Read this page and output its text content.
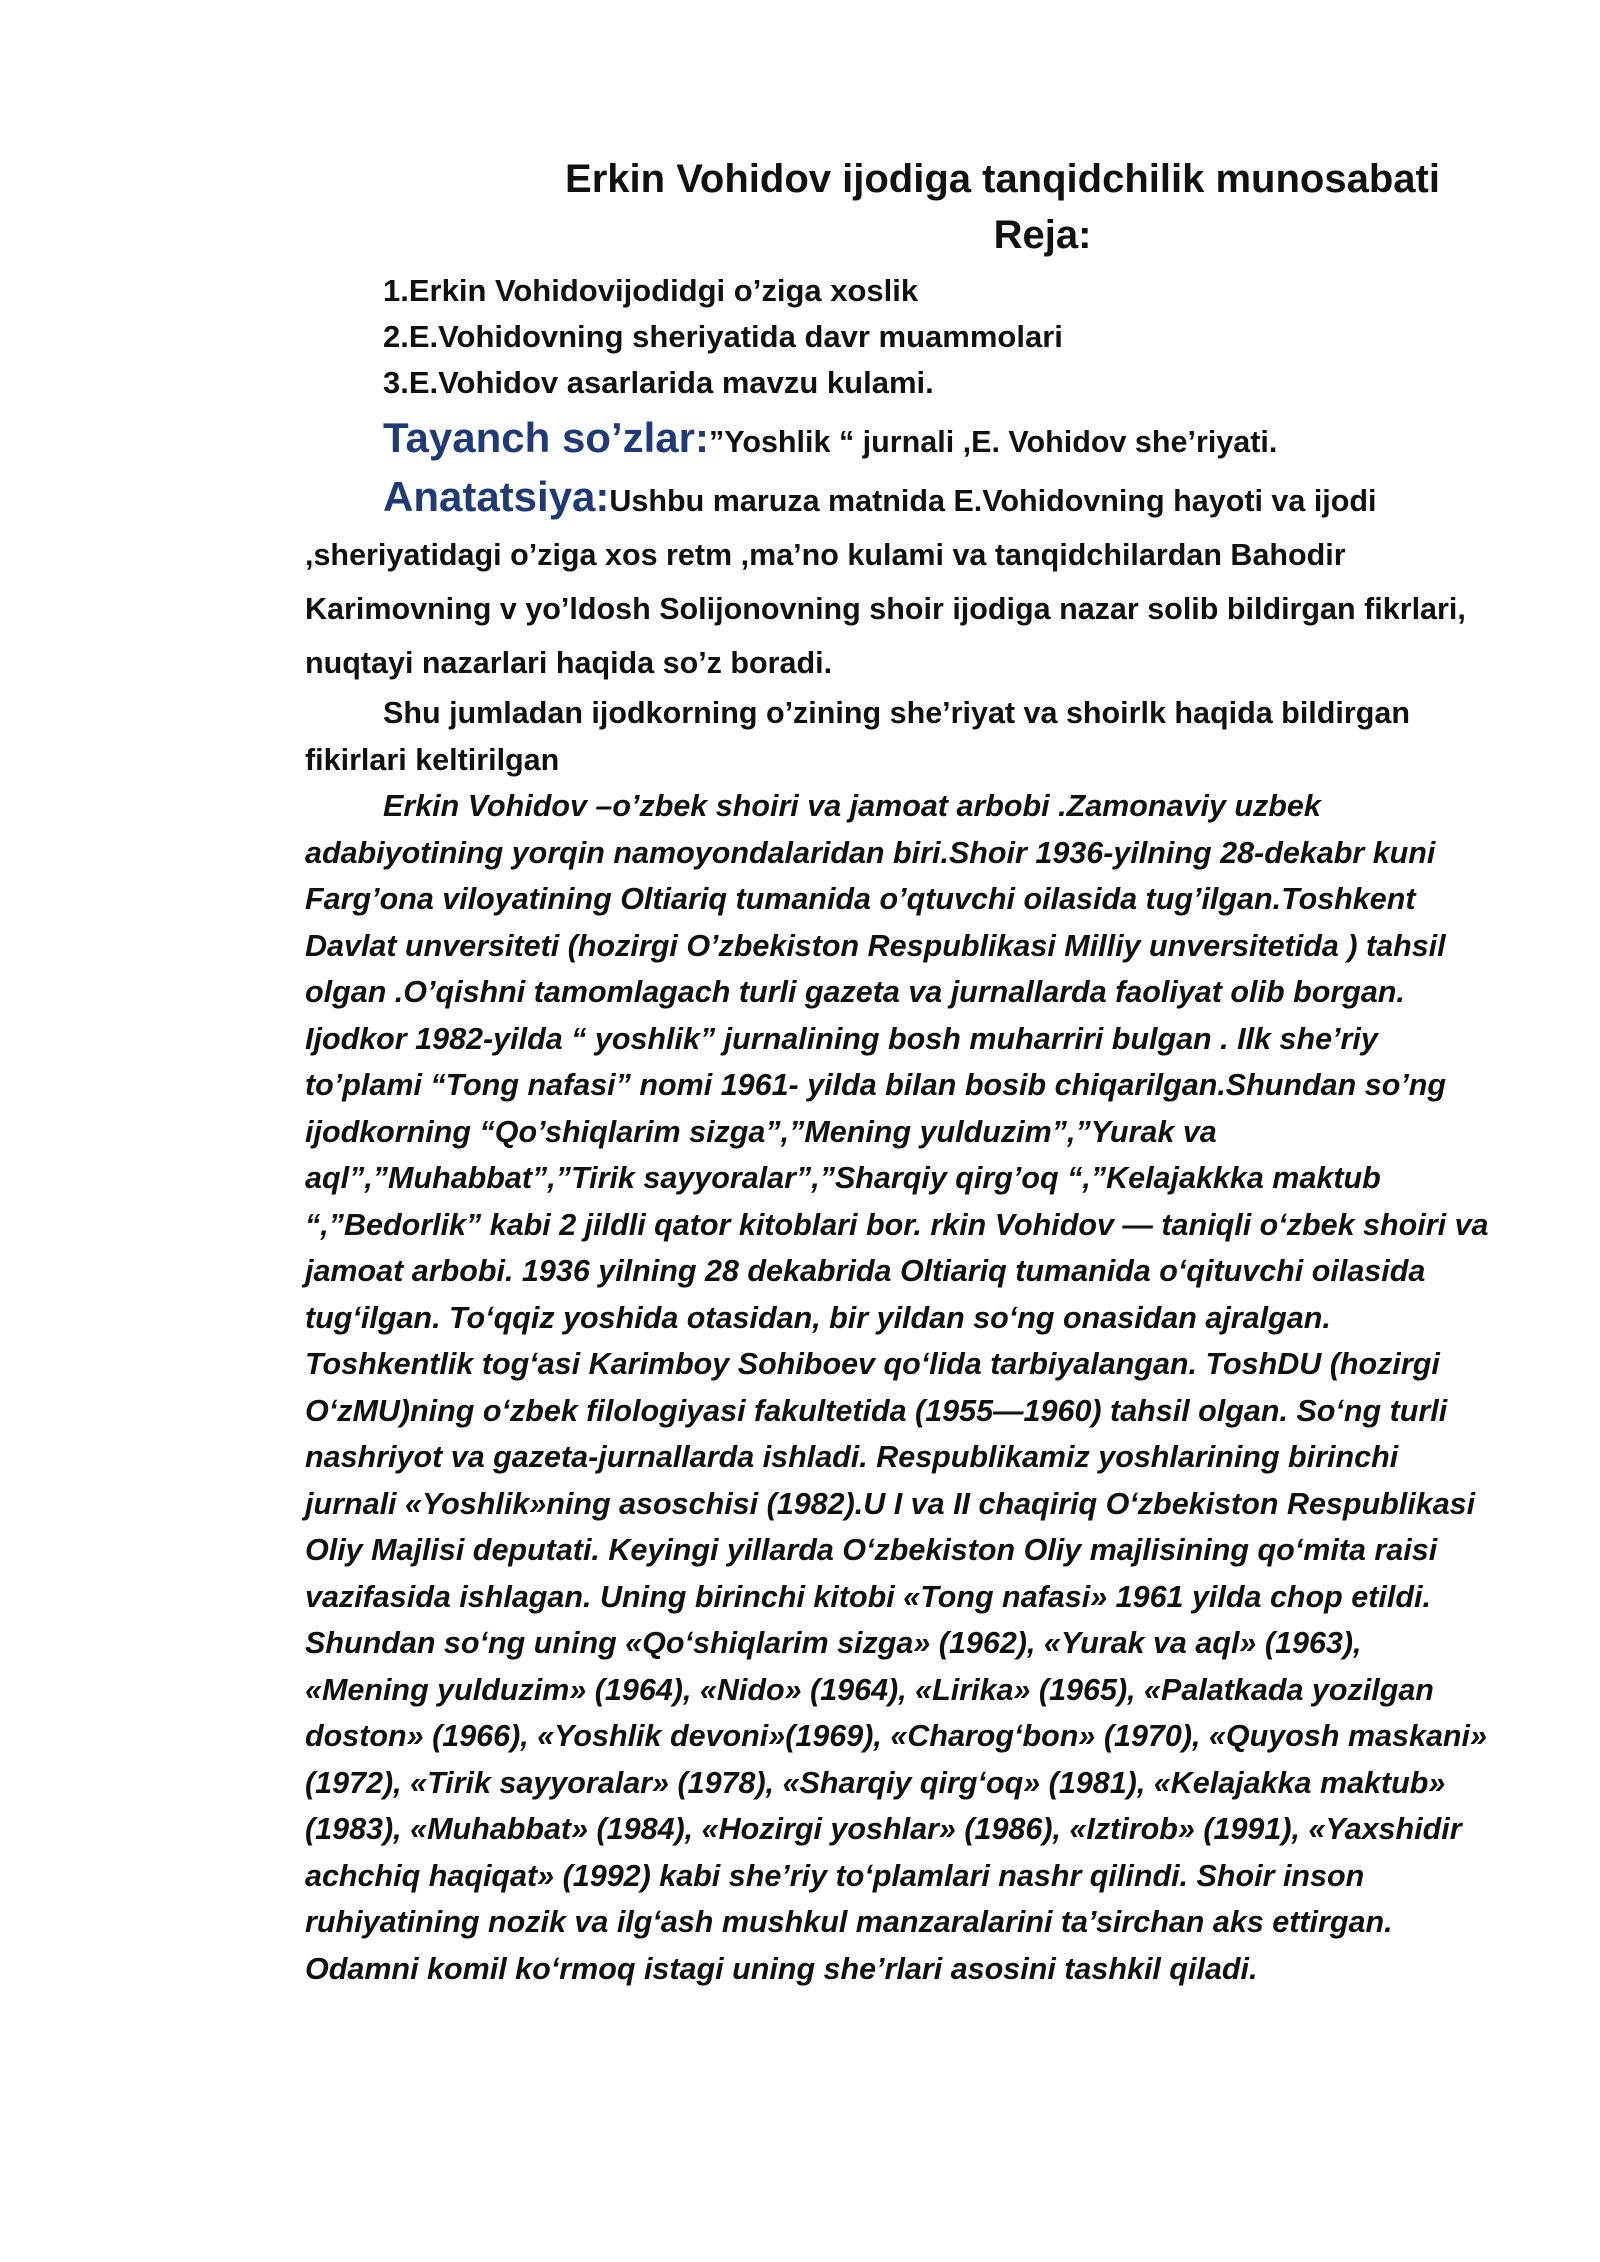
Erkin Vohidov ijodiga tanqidchilik munosabati
Reja:
1.Erkin Vohidovijodidgi o’ziga xoslik
2.E.Vohidovning sheriyatida davr muammolari
3.E.Vohidov asarlarida mavzu kulami.

Tayanch so’zlar:”Yoshlik “ jurnali ,E. Vohidov she’riyati.

Anatatsiya:Ushbu maruza matnida E.Vohidovning hayoti va ijodi ,sheriyatidagi o’ziga xos retm ,ma’no kulami va tanqidchilardan Bahodir Karimovning v yo’ldosh Solijonovning shoir ijodiga nazar solib bildirgan fikrlari, nuqtayi nazarlari haqida so’z boradi.

Shu jumladan ijodkorning o’zining she’riyat va shoirlk haqida bildirgan fikirlari keltirilgan

Erkin Vohidov –o’zbek shoiri va jamoat arbobi .Zamonaviy uzbek adabiyotining yorqin namoyondalaridan biri.Shoir 1936-yilning 28-dekabr kuni Farg’ona viloyatining Oltiariq tumanida o’qtuvchi oilasida tug’ilgan.Toshkent Davlat unversiteti (hozirgi O’zbekiston Respublikasi Milliy unversitetida ) tahsil olgan .O’qishni tamomlagach turli gazeta va jurnallarda faoliyat olib borgan. Ijodkor 1982-yilda “ yoshlik” jurnalining bosh muharriri bulgan . Ilk she’riy to’plami “Tong nafasi” nomi 1961- yilda bilan bosib chiqarilgan.Shundan so’ng ijodkorning “Qo’shiqlarim sizga”,”Mening yulduzim”,”Yurak va aql”,”Muhabbat”,”Tirik sayyoralar”,”Sharqiy qirg’oq “,”Kelajakkka maktub “,”Bedorlik” kabi 2 jildli qator kitoblari bor. rkin Vohidov — taniqli oʻzbek shoiri va jamoat arbobi. 1936 yilning 28 dekabrida Oltiariq tumanida oʻqituvchi oilasida tugʻilgan. Toʻqqiz yoshida otasidan, bir yildan soʻng onasidan ajralgan. Toshkentlik togʻasi Karimboy Sohiboev qoʻlida tarbiyalangan. ToshDU (hozirgi OʻzMU)ning oʻzbek filologiyasi fakultetida (1955—1960) tahsil olgan. Soʻng turli nashriyot va gazeta-jurnallarda ishladi. Respublikamiz yoshlarining birinchi jurnali «Yoshlik»ning asoschisi (1982).U I va II chaqiriq Oʻzbekiston Respublikasi Oliy Majlisi deputati. Keyingi yillarda Oʻzbekiston Oliy majlisining qoʻmita raisi vazifasida ishlagan. Uning birinchi kitobi «Tong nafasi» 1961 yilda chop etildi. Shundan soʻng uning «Qoʻshiqlarim sizga» (1962), «Yurak va aql» (1963), «Mening yulduzim» (1964), «Nido» (1964), «Lirika» (1965), «Palatkada yozilgan doston» (1966), «Yoshlik devoni»(1969), «Charogʻbon» (1970), «Quyosh maskani» (1972), «Tirik sayyoralar» (1978), «Sharqiy qirgʻoq» (1981), «Kelajakka maktub» (1983), «Muhabbat» (1984), «Hozirgi yoshlar» (1986), «Iztirob» (1991), «Yaxshidir achchiq haqiqat» (1992) kabi she’riy toʻplamlari nashr qilindi. Shoir inson ruhiyatining nozik va ilgʻash mushkul manzaralarini ta’sirchan aks ettirgan. Odamni komil koʻrmoq istagi uning she’rlari asosini tashkil qiladi.
